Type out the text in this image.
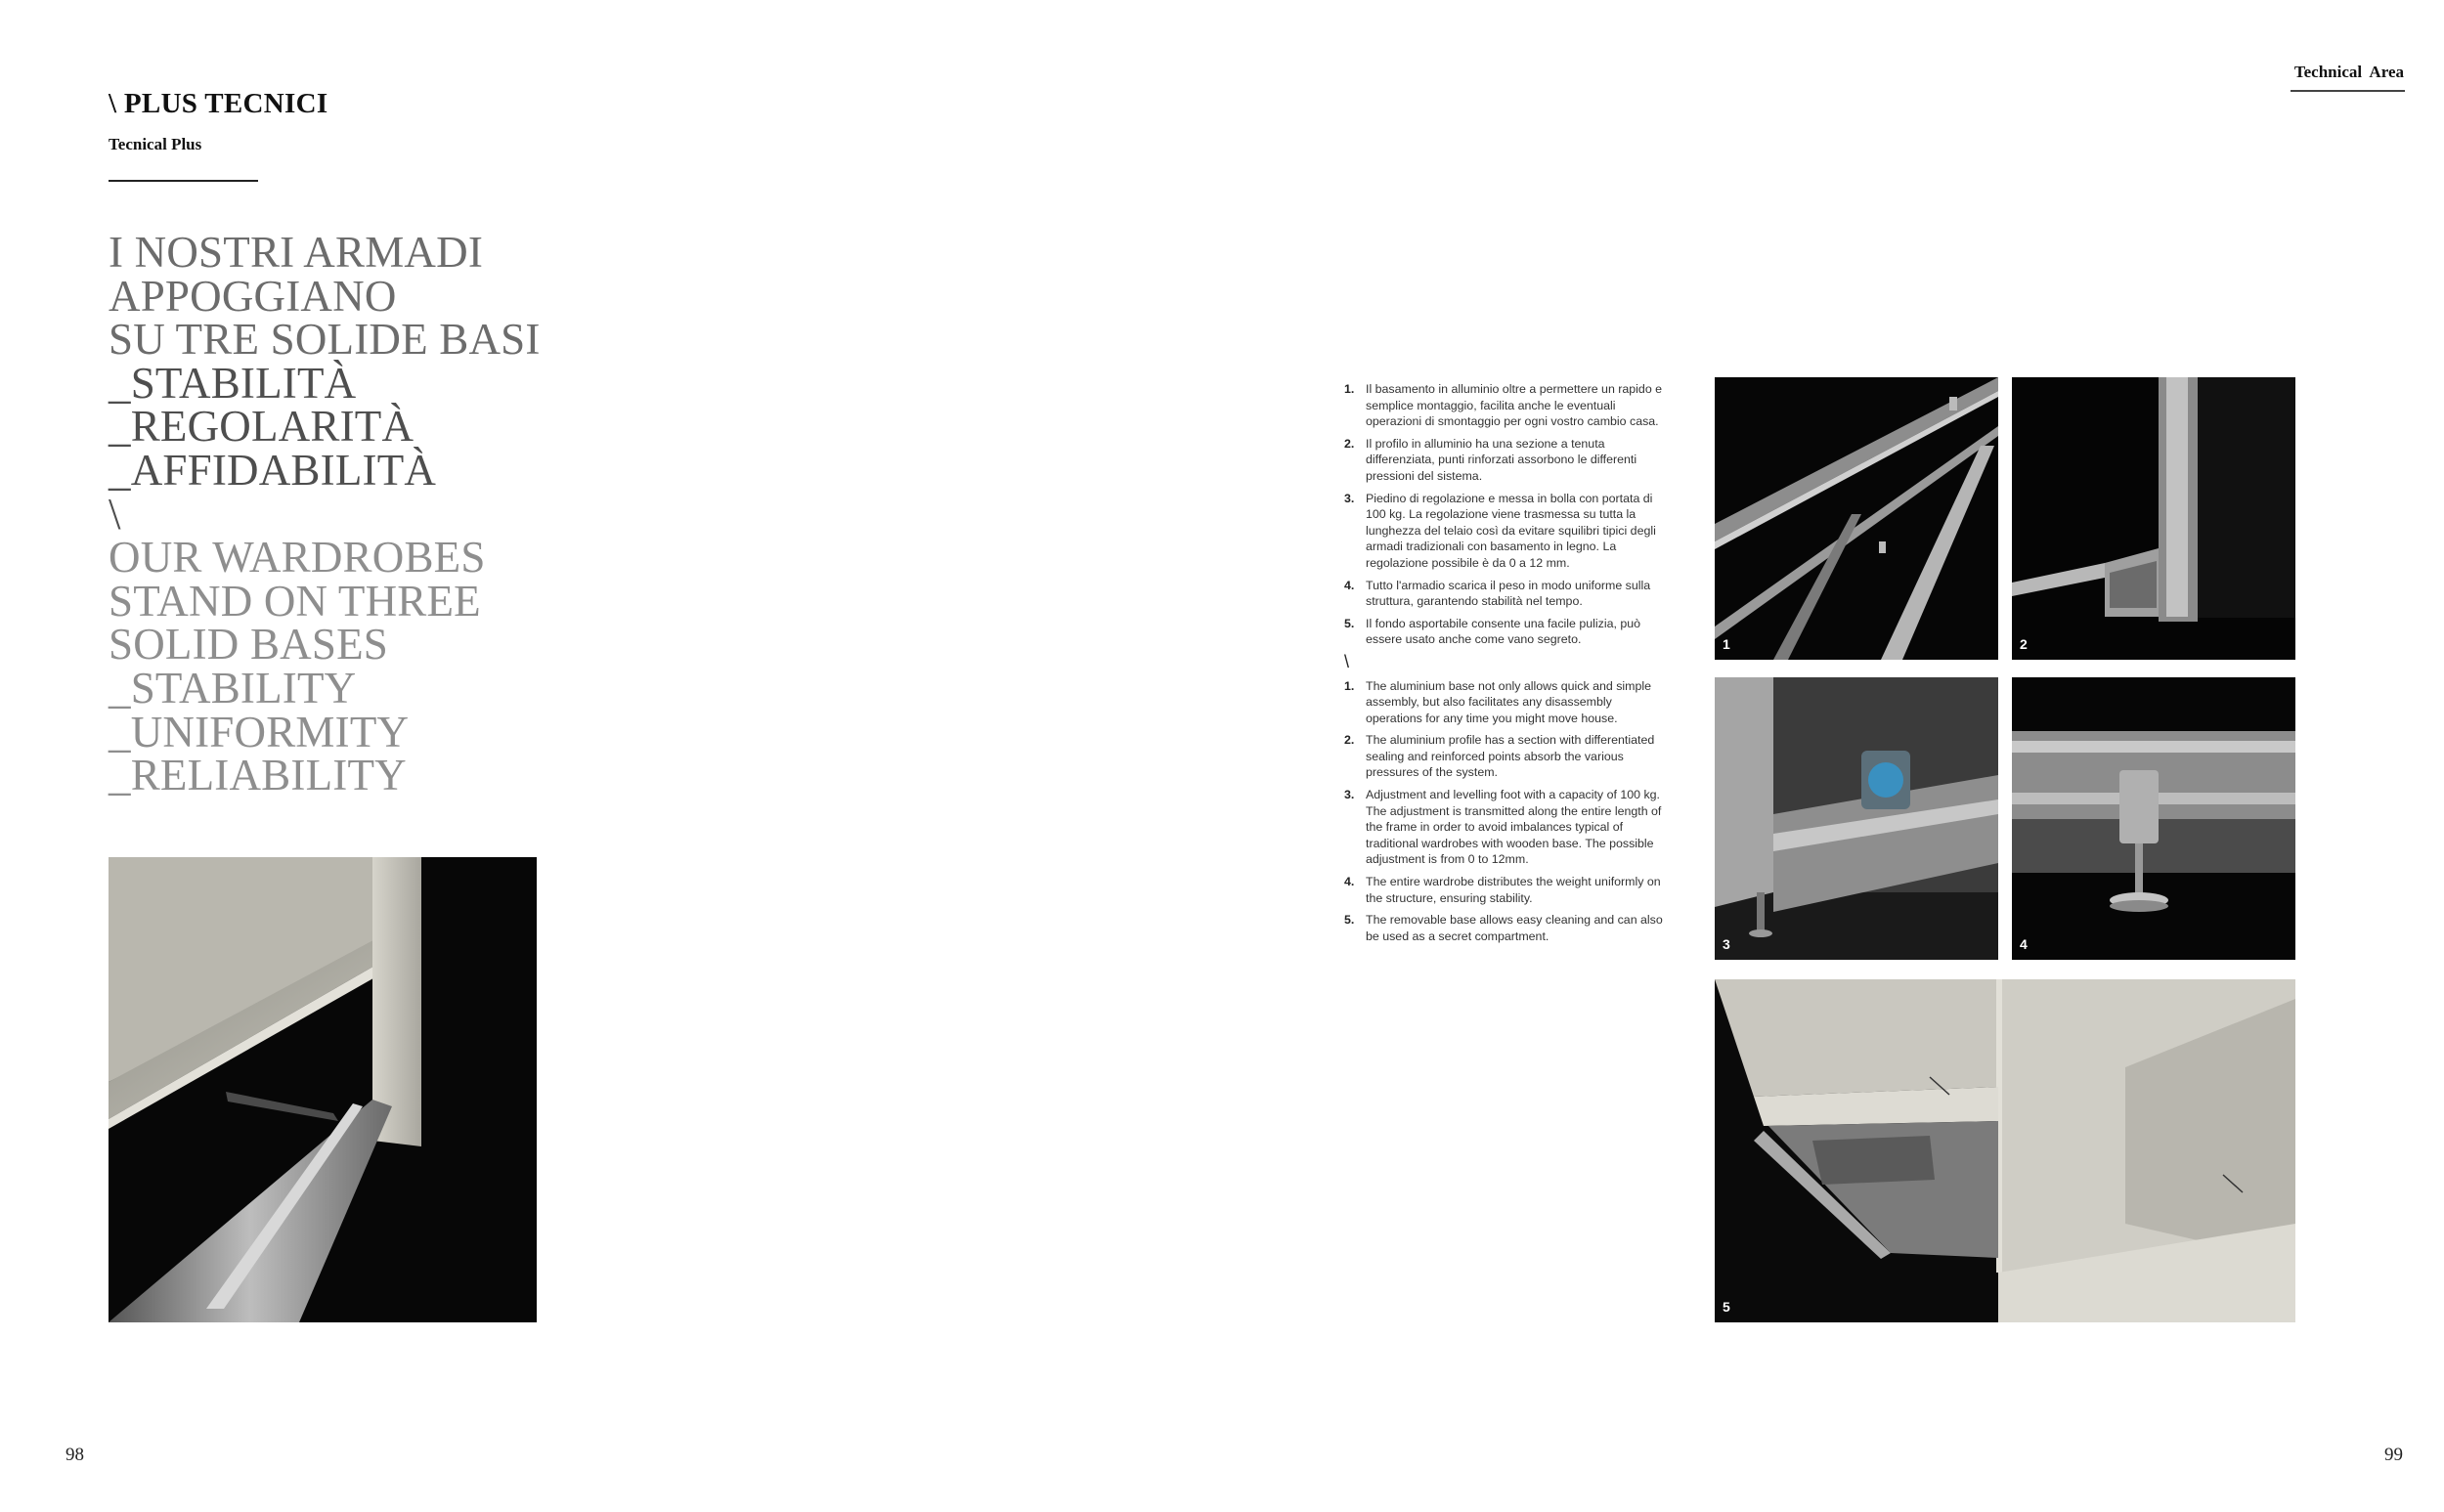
\ PLUS TECNICI
Tecnical Plus
I NOSTRI ARMADI
APPOGGIANO
SU TRE SOLIDE BASI
_STABILITÀ
_REGOLARITÀ
_AFFIDABILITÀ
\
OUR WARDROBES
STAND ON THREE
SOLID BASES
_STABILITY
_UNIFORMITY
_RELIABILITY
98
Technical Area
1. Il basamento in alluminio oltre a permettere un rapido e semplice montaggio, facilita anche le eventuali operazioni di smontaggio per ogni vostro cambio casa.
2. Il profilo in alluminio ha una sezione a tenuta differenziata, punti rinforzati assorbono le differenti pressioni del sistema.
3. Piedino di regolazione e messa in bolla con portata di 100 kg. La regolazione viene trasmessa su tutta la lunghezza del telaio così da evitare squilibri tipici degli armadi tradizionali con basamento in legno. La regolazione possibile è da 0 a 12 mm.
4. Tutto l'armadio scarica il peso in modo uniforme sulla struttura, garantendo stabilità nel tempo.
5. Il fondo asportabile consente una facile pulizia, può essere usato anche come vano segreto.
\
1. The aluminium base not only allows quick and simple assembly, but also facilitates any disassembly operations for any time you might move house.
2. The aluminium profile has a section with differentiated sealing and reinforced points absorb the various pressures of the system.
3. Adjustment and levelling foot with a capacity of 100 kg. The adjustment is transmitted along the entire length of the frame in order to avoid imbalances typical of traditional wardrobes with wooden base. The possible adjustment is from 0 to 12mm.
4. The entire wardrobe distributes the weight uniformly on the structure, ensuring stability.
5. The removable base allows easy cleaning and can also be used as a secret compartment.
1	2
3	4
5
99
